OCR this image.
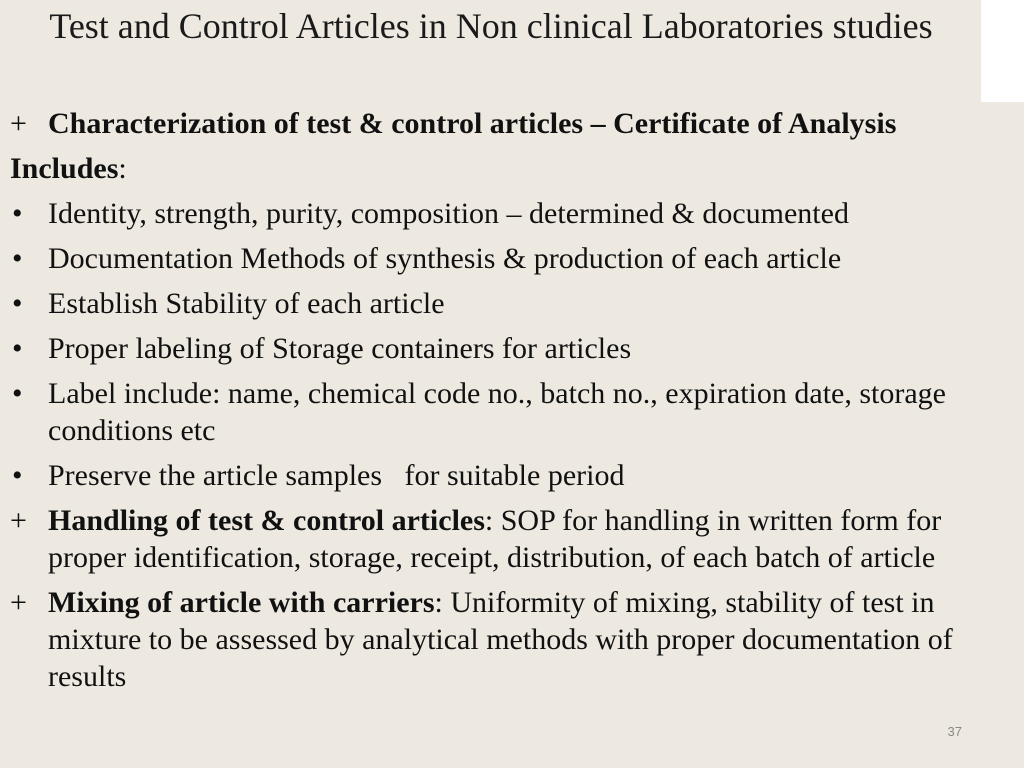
Test and Control Articles in Non clinical Laboratories studies

+ Characterization of test & control articles – Certificate of Analysis

Includes:

• Identity, strength, purity, composition – determined & documented

• Documentation Methods of synthesis & production of each article

• Establish Stability of each article

• Proper labeling of Storage containers for articles

• Label include: name, chemical code no., batch no., expiration date, storage conditions etc

• Preserve the article samples   for suitable period

+ Handling of test & control articles: SOP for handling in written form for proper identification, storage, receipt, distribution, of each batch of article

+ Mixing of article with carriers: Uniformity of mixing, stability of test in mixture to be assessed by analytical methods with proper documentation of results

37
